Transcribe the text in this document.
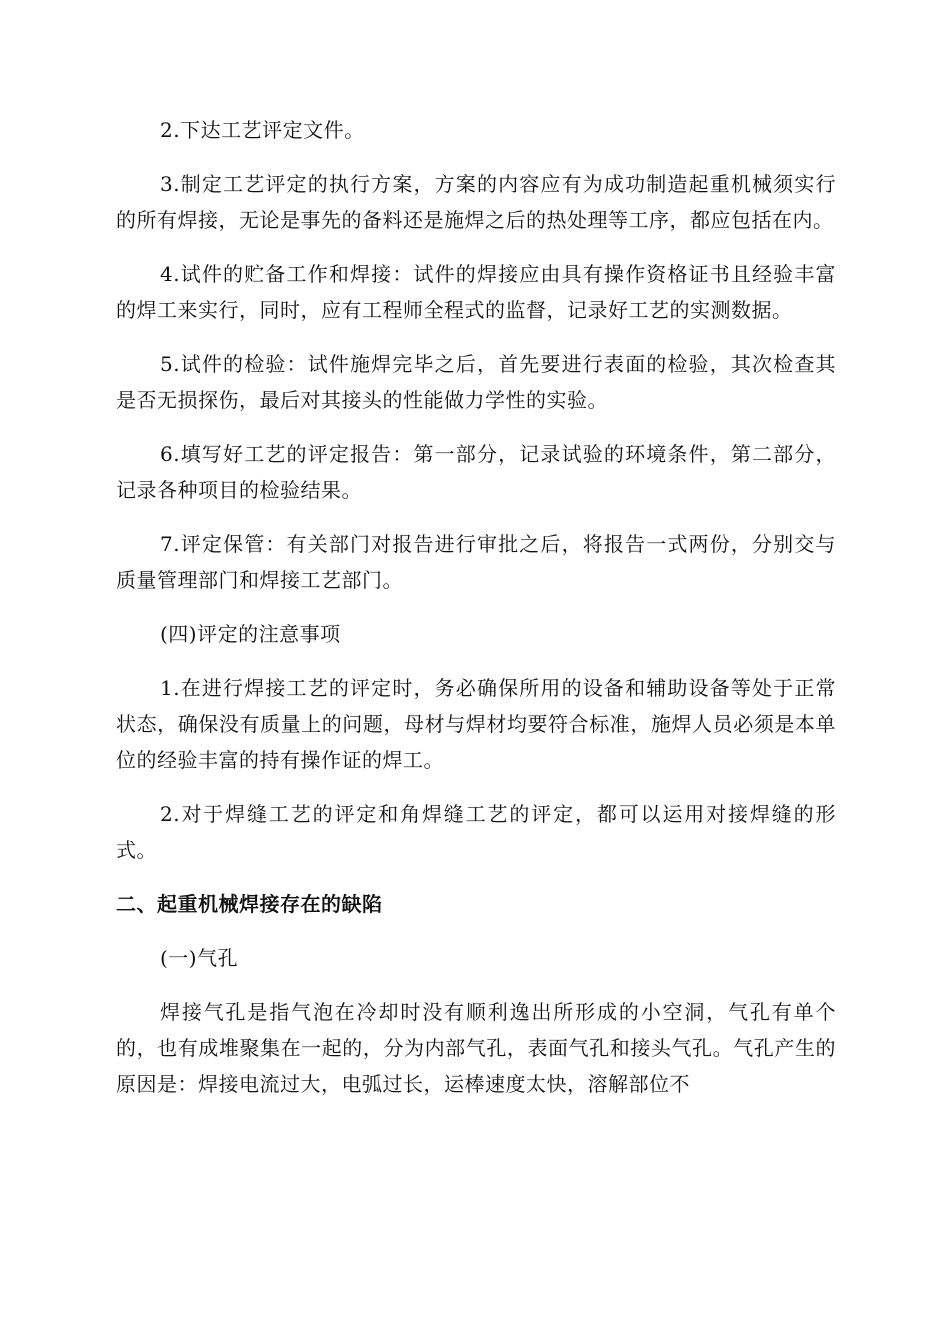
2.下达工艺评定文件。

3.制定工艺评定的执行方案，方案的内容应有为成功制造起重机械须实行的所有焊接，无论是事先的备料还是施焊之后的热处理等工序，都应包括在内。

4.试件的贮备工作和焊接：试件的焊接应由具有操作资格证书且经验丰富的焊工来实行，同时，应有工程师全程式的监督，记录好工艺的实测数据。

5.试件的检验：试件施焊完毕之后，首先要进行表面的检验，其次检查其是否无损探伤，最后对其接头的性能做力学性的实验。

6.填写好工艺的评定报告：第一部分，记录试验的环境条件，第二部分，记录各种项目的检验结果。

7.评定保管：有关部门对报告进行审批之后，将报告一式两份，分别交与质量管理部门和焊接工艺部门。

(四)评定的注意事项

1.在进行焊接工艺的评定时，务必确保所用的设备和辅助设备等处于正常状态，确保没有质量上的问题，母材与焊材均要符合标准，施焊人员必须是本单位的经验丰富的持有操作证的焊工。

2.对于焊缝工艺的评定和角焊缝工艺的评定，都可以运用对接焊缝的形式。

二、起重机械焊接存在的缺陷

(一)气孔

焊接气孔是指气泡在冷却时没有顺利逸出所形成的小空洞，气孔有单个的，也有成堆聚集在一起的，分为内部气孔，表面气孔和接头气孔。气孔产生的原因是：焊接电流过大，电弧过长，运棒速度太快，溶解部位不
